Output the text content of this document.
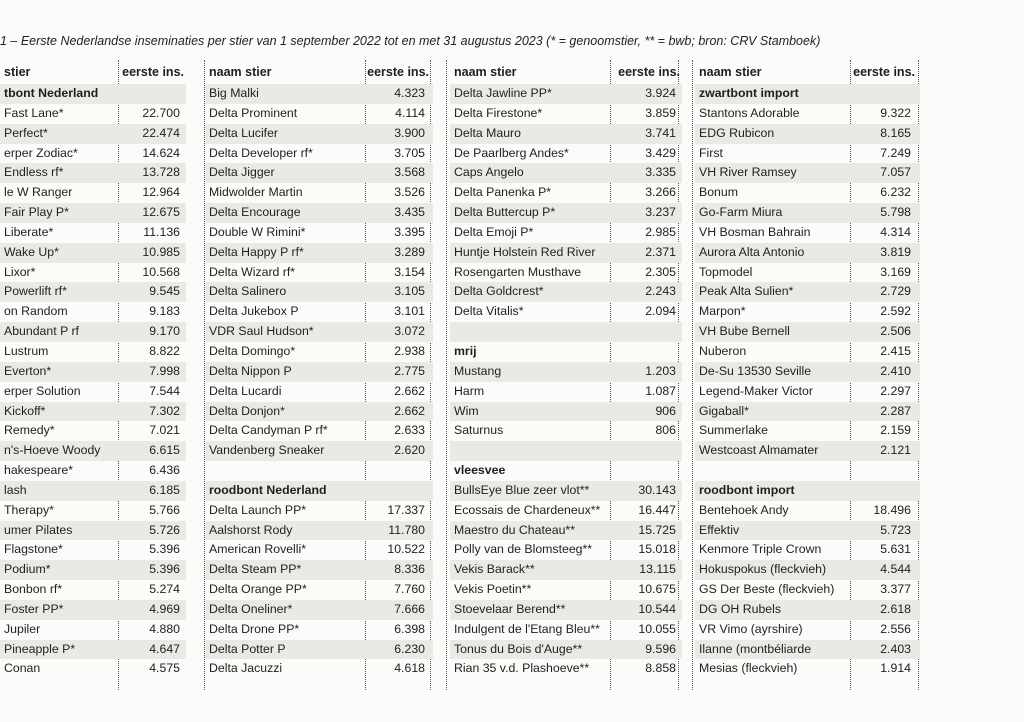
1 – Eerste Nederlandse inseminaties per stier van 1 september 2022 tot en met 31 augustus 2023 (* = genoomstier, ** = bwb; bron: CRV Stamboek)
stier	eerste ins.
tbont Nederland
Fast Lane*	22.700
Perfect*	22.474
erper Zodiac*	14.624
Endless rf*	13.728
le W Ranger	12.964
Fair Play P*	12.675
Liberate*	11.136
Wake Up*	10.985
Lixor*	10.568
Powerlift rf*	9.545
on Random	9.183
Abundant P rf	9.170
Lustrum	8.822
Everton*	7.998
erper Solution	7.544
Kickoff*	7.302
Remedy*	7.021
n's-Hoeve Woody	6.615
hakespeare*	6.436
lash	6.185
Therapy*	5.766
umer Pilates	5.726
Flagstone*	5.396
Podium*	5.396
Bonbon rf*	5.274
Foster PP*	4.969
Jupiler	4.880
Pineapple P*	4.647
Conan	4.575
naam stier	eerste ins.
Big Malki	4.323
Delta Prominent	4.114
Delta Lucifer	3.900
Delta Developer rf*	3.705
Delta Jigger	3.568
Midwolder Martin	3.526
Delta Encourage	3.435
Double W Rimini*	3.395
Delta Happy P rf*	3.289
Delta Wizard rf*	3.154
Delta Salinero	3.105
Delta Jukebox P	3.101
VDR Saul Hudson*	3.072
Delta Domingo*	2.938
Delta Nippon P	2.775
Delta Lucardi	2.662
Delta Donjon*	2.662
Delta Candyman P rf*	2.633
Vandenberg Sneaker	2.620
roodbont Nederland
Delta Launch PP*	17.337
Aalshorst Rody	11.780
American Rovelli*	10.522
Delta Steam PP*	8.336
Delta Orange PP*	7.760
Delta Oneliner*	7.666
Delta Drone PP*	6.398
Delta Potter P	6.230
Delta Jacuzzi	4.618
naam stier	eerste ins.
Delta Jawline PP*	3.924
Delta Firestone*	3.859
Delta Mauro	3.741
De Paarlberg Andes*	3.429
Caps Angelo	3.335
Delta Panenka P*	3.266
Delta Buttercup P*	3.237
Delta Emoji P*	2.985
Huntje Holstein Red River	2.371
Rosengarten Musthave	2.305
Delta Goldcrest*	2.243
Delta Vitalis*	2.094
mrij
Mustang	1.203
Harm	1.087
Wim	906
Saturnus	806
vleesvee
BullsEye Blue zeer vlot**	30.143
Ecossais de Chardeneux**	16.447
Maestro du Chateau**	15.725
Polly van de Blomsteeg**	15.018
Vekis Barack**	13.115
Vekis Poetin**	10.675
Stoevelaar Berend**	10.544
Indulgent de l'Etang Bleu**	10.055
Tonus du Bois d'Auge**	9.596
Rian 35 v.d. Plashoeve**	8.858
naam stier	eerste ins.
zwartbont import
Stantons Adorable	9.322
EDG Rubicon	8.165
First	7.249
VH River Ramsey	7.057
Bonum	6.232
Go-Farm Miura	5.798
VH Bosman Bahrain	4.314
Aurora Alta Antonio	3.819
Topmodel	3.169
Peak Alta Sulien*	2.729
Marpon*	2.592
VH Bube Bernell	2.506
Nuberon	2.415
De-Su 13530 Seville	2.410
Legend-Maker Victor	2.297
Gigaball*	2.287
Summerlake	2.159
Westcoast Almamater	2.121
roodbont import
Bentehoek Andy	18.496
Effektiv	5.723
Kenmore Triple Crown	5.631
Hokuspokus (fleckvieh)	4.544
GS Der Beste (fleckvieh)	3.377
DG OH Rubels	2.618
VR Vimo (ayrshire)	2.556
Ilanne (montbéliarde	2.403
Mesias (fleckvieh)	1.914
